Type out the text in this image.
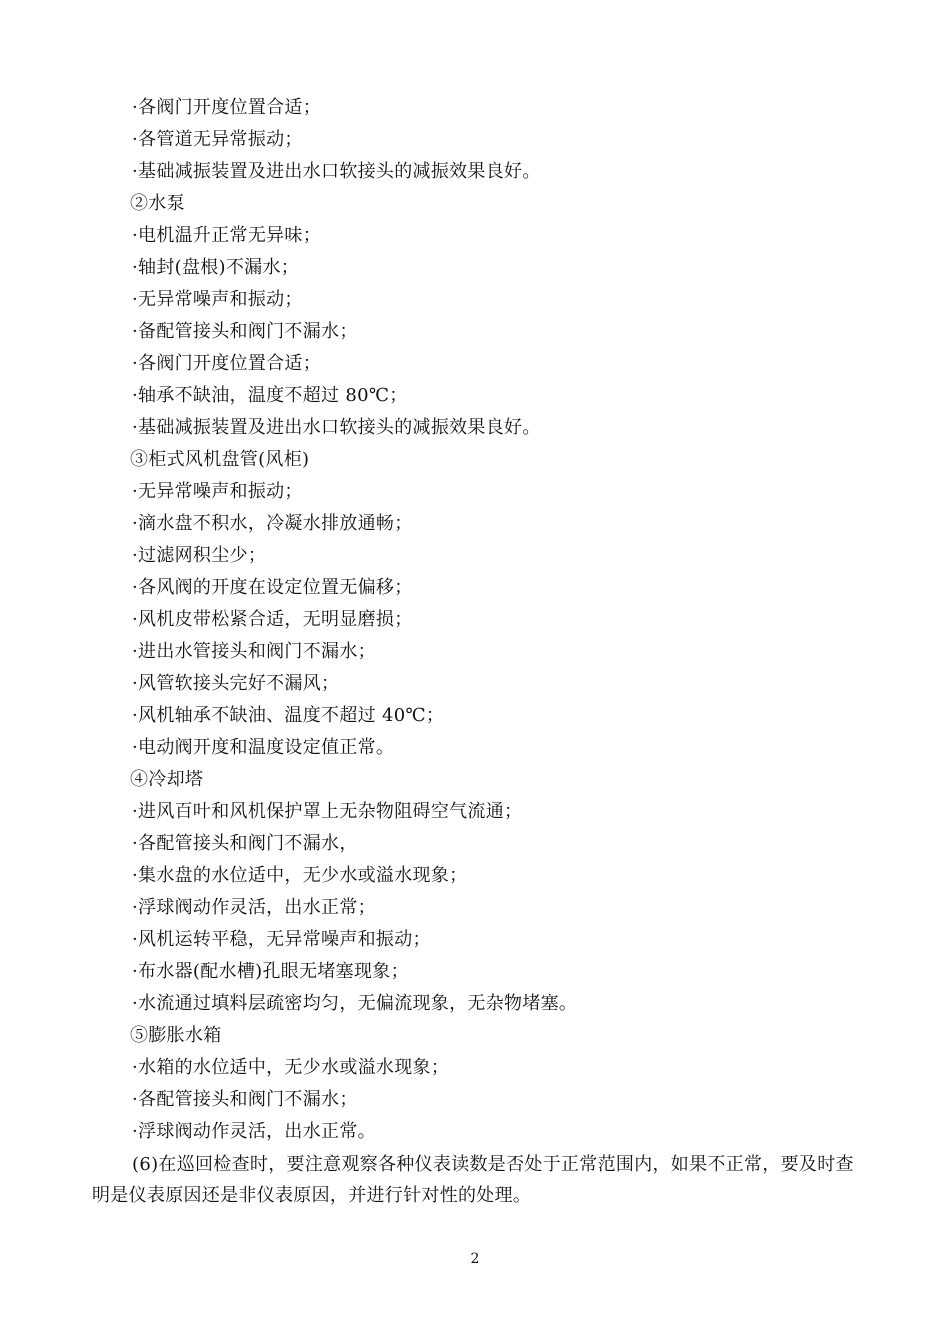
·各阀门开度位置合适；
·各管道无异常振动；
·基础减振装置及进出水口软接头的减振效果良好。
②水泵
·电机温升正常无异味；
·轴封(盘根)不漏水；
·无异常噪声和振动；
·备配管接头和阀门不漏水；
·各阀门开度位置合适；
·轴承不缺油，温度不超过 80℃；
·基础减振装置及进出水口软接头的减振效果良好。
③柜式风机盘管(风柜)
·无异常噪声和振动；
·滴水盘不积水，冷凝水排放通畅；
·过滤网积尘少；
·各风阀的开度在设定位置无偏移；
·风机皮带松紧合适，无明显磨损；
·进出水管接头和阀门不漏水；
·风管软接头完好不漏风；
·风机轴承不缺油、温度不超过 40℃；
·电动阀开度和温度设定值正常。
④冷却塔
·进风百叶和风机保护罩上无杂物阻碍空气流通；
·各配管接头和阀门不漏水，
·集水盘的水位适中，无少水或溢水现象；
·浮球阀动作灵活，出水正常；
·风机运转平稳，无异常噪声和振动；
·布水器(配水槽)孔眼无堵塞现象；
·水流通过填料层疏密均匀，无偏流现象，无杂物堵塞。
⑤膨胀水箱
·水箱的水位适中，无少水或溢水现象；
·各配管接头和阀门不漏水；
·浮球阀动作灵活，出水正常。
(6)在巡回检查时，要注意观察各种仪表读数是否处于正常范围内，如果不正常，要及时查明是仪表原因还是非仪表原因，并进行针对性的处理。
2
